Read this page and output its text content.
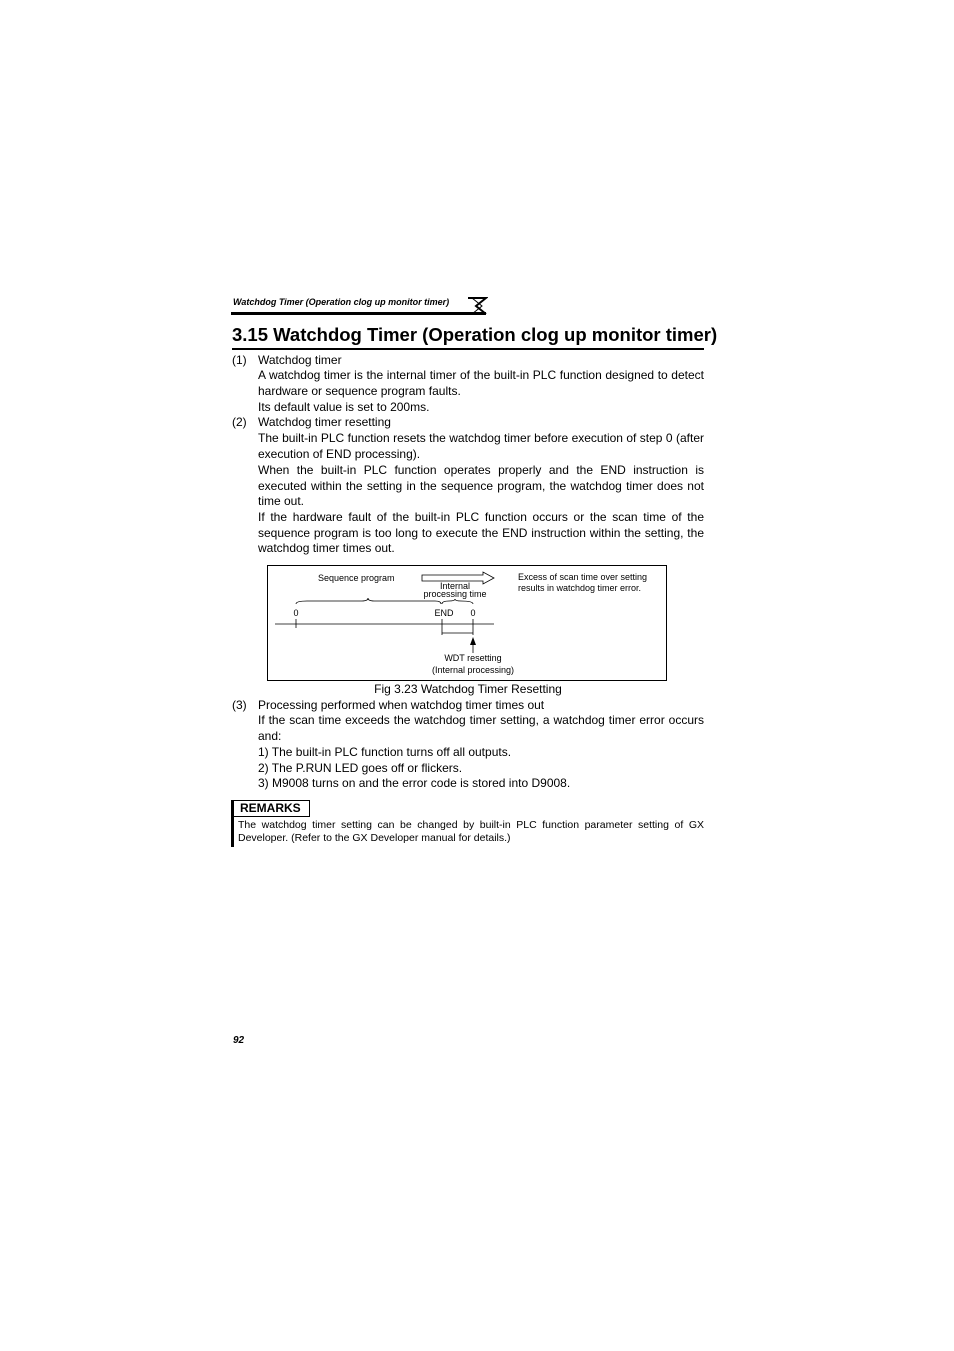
Watchdog Timer (Operation clog up monitor timer)
3.15 Watchdog Timer (Operation clog up monitor timer)
(1) Watchdog timer
A watchdog timer is the internal timer of the built-in PLC function designed to detect hardware or sequence program faults.
Its default value is set to 200ms.
(2) Watchdog timer resetting
The built-in PLC function resets the watchdog timer before execution of step 0 (after execution of END processing).
When the built-in PLC function operates properly and the END instruction is executed within the setting in the sequence program, the watchdog timer does not time out.
If the hardware fault of the built-in PLC function occurs or the scan time of the sequence program is too long to execute the END instruction within the setting, the watchdog timer times out.
Sequence program
Internal
processing time
Excess of scan time over setting
results in watchdog timer error.
0	END 0
WDT resetting
(Internal processing)
Fig 3.23 Watchdog Timer Resetting
(3) Processing performed when watchdog timer times out
If the scan time exceeds the watchdog timer setting, a watchdog timer error occurs and:
1) The built-in PLC function turns off all outputs.
2) The P.RUN LED goes off or flickers.
3) M9008 turns on and the error code is stored into D9008.
REMARKS
The watchdog timer setting can be changed by built-in PLC function parameter setting of GX Developer. (Refer to the GX Developer manual for details.)
92
